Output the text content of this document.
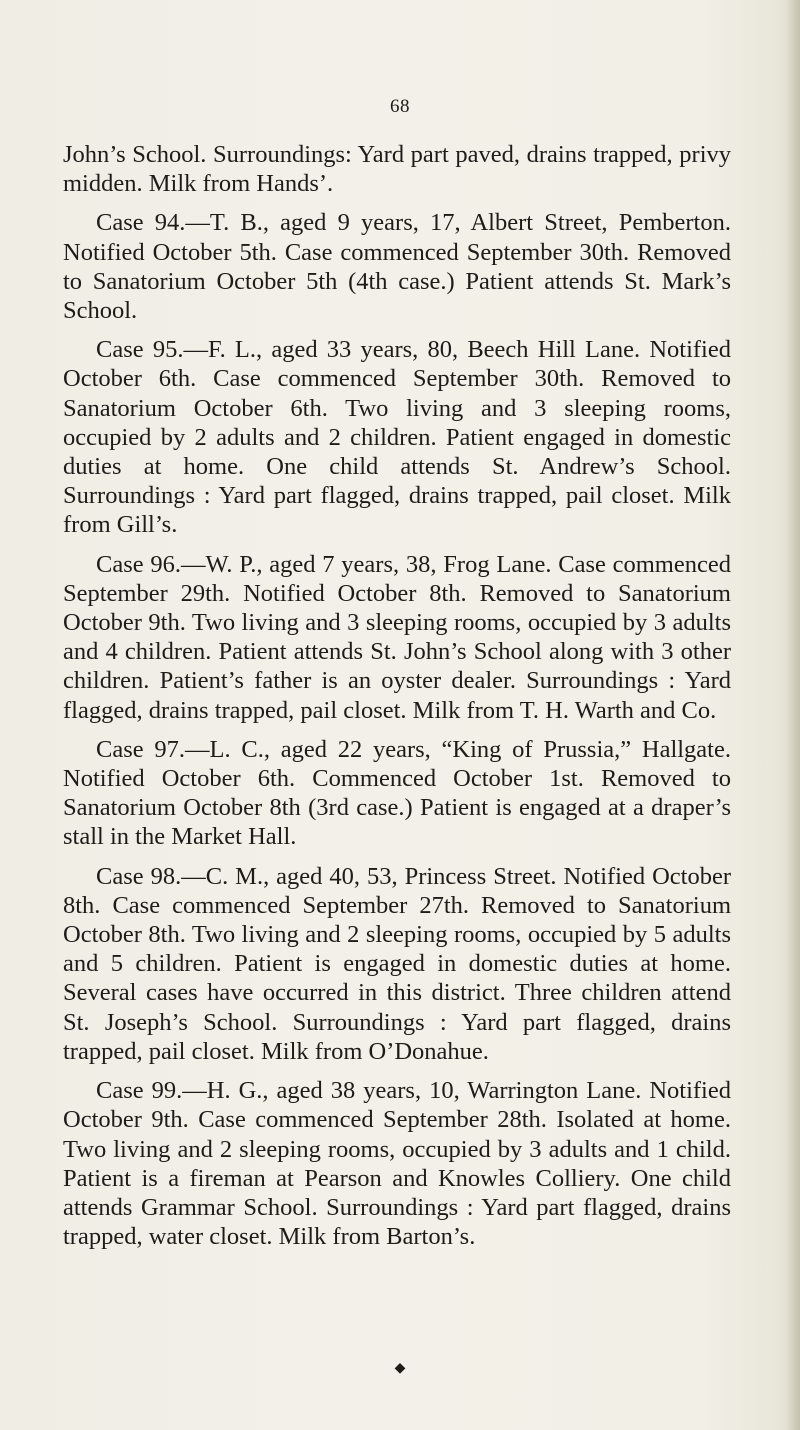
68

John’s School. Surroundings: Yard part paved, drains trapped, privy midden. Milk from Hands’.

Case 94.—T. B., aged 9 years, 17, Albert Street, Pemberton. Notified October 5th. Case commenced September 30th. Removed to Sanatorium October 5th (4th case.) Patient attends St. Mark’s School.

Case 95.—F. L., aged 33 years, 80, Beech Hill Lane. Notified October 6th. Case commenced September 30th. Removed to Sanatorium October 6th. Two living and 3 sleeping rooms, occupied by 2 adults and 2 children. Patient engaged in domestic duties at home. One child attends St. Andrew’s School. Surroundings : Yard part flagged, drains trapped, pail closet. Milk from Gill’s.

Case 96.—W. P., aged 7 years, 38, Frog Lane. Case commenced September 29th. Notified October 8th. Removed to Sanatorium October 9th. Two living and 3 sleeping rooms, occupied by 3 adults and 4 children. Patient attends St. John’s School along with 3 other children. Patient’s father is an oyster dealer. Surroundings : Yard flagged, drains trapped, pail closet. Milk from T. H. Warth and Co.

Case 97.—L. C., aged 22 years, “King of Prussia,” Hallgate. Notified October 6th. Commenced October 1st. Removed to Sanatorium October 8th (3rd case.) Patient is engaged at a draper’s stall in the Market Hall.

Case 98.—C. M., aged 40, 53, Princess Street. Notified October 8th. Case commenced September 27th. Removed to Sanatorium October 8th. Two living and 2 sleeping rooms, occupied by 5 adults and 5 children. Patient is engaged in domestic duties at home. Several cases have occurred in this district. Three children attend St. Joseph’s School. Surroundings : Yard part flagged, drains trapped, pail closet. Milk from O’Donahue.

Case 99.—H. G., aged 38 years, 10, Warrington Lane. Notified October 9th. Case commenced September 28th. Isolated at home. Two living and 2 sleeping rooms, occupied by 3 adults and 1 child. Patient is a fireman at Pearson and Knowles Colliery. One child attends Grammar School. Surroundings : Yard part flagged, drains trapped, water closet. Milk from Barton’s.

◆
